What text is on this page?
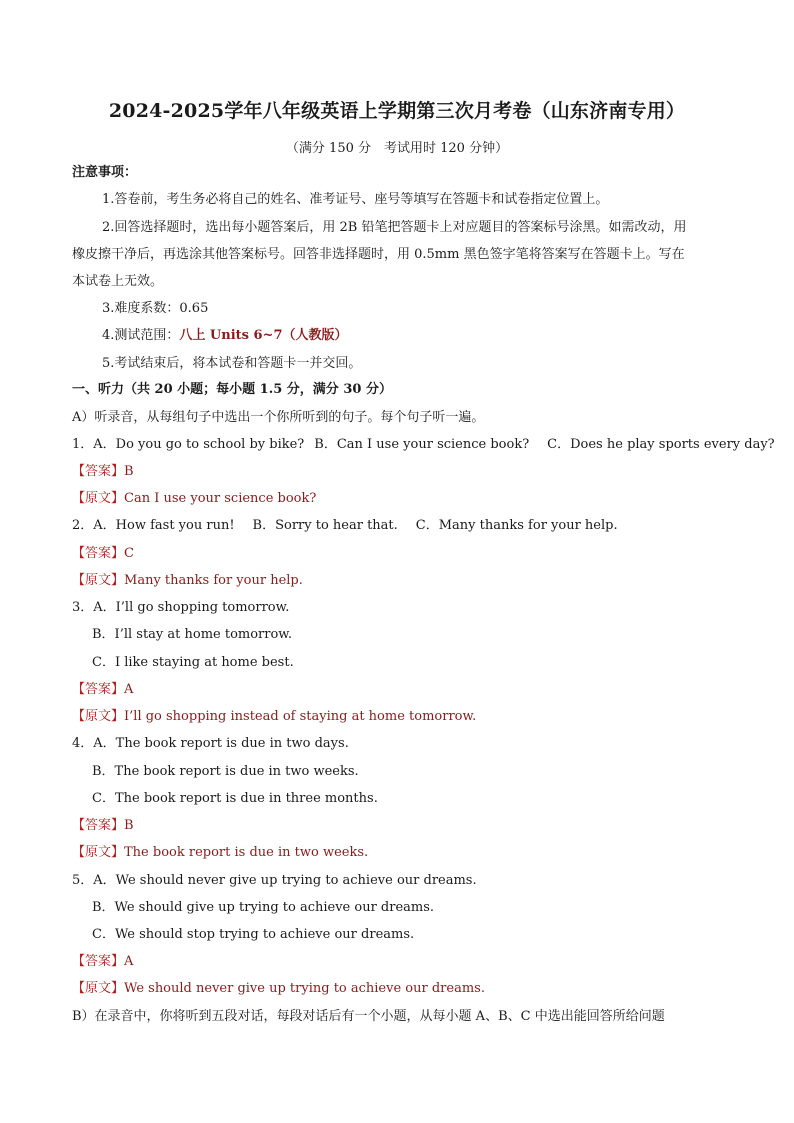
2024-2025学年八年级英语上学期第三次月考卷（山东济南专用）
（满分 150 分　考试用时 120 分钟）
注意事项：
1.答卷前，考生务必将自己的姓名、准考证号、座号等填写在答题卡和试卷指定位置上。
2.回答选择题时，选出每小题答案后，用 2B 铅笔把答题卡上对应题目的答案标号涂黑。如需改动，用
橡皮擦干净后，再选涂其他答案标号。回答非选择题时，用 0.5mm 黑色签字笔将答案写在答题卡上。写在
本试卷上无效。
3.难度系数：0.65
4.测试范围：八上 Units 6~7（人教版）
5.考试结束后，将本试卷和答题卡一并交回。
一、听力（共 20 小题；每小题 1.5 分，满分 30 分）
A）听录音，从每组句子中选出一个你所听到的句子。每个句子听一遍。
1．A．Do you go to school by bike? B．Can I use your science book? C．Does he play sports every day?
【答案】B
【原文】Can I use your science book?
2．A．How fast you run! B．Sorry to hear that. C．Many thanks for your help.
【答案】C
【原文】Many thanks for your help.
3．A．I’ll go shopping tomorrow.
B．I’ll stay at home tomorrow.
C．I like staying at home best.
【答案】A
【原文】I’ll go shopping instead of staying at home tomorrow.
4．A．The book report is due in two days.
B．The book report is due in two weeks.
C．The book report is due in three months.
【答案】B
【原文】The book report is due in two weeks.
5．A．We should never give up trying to achieve our dreams.
B．We should give up trying to achieve our dreams.
C．We should stop trying to achieve our dreams.
【答案】A
【原文】We should never give up trying to achieve our dreams.
B）在录音中，你将听到五段对话，每段对话后有一个小题，从每小题 A、B、C 中选出能回答所给问题
